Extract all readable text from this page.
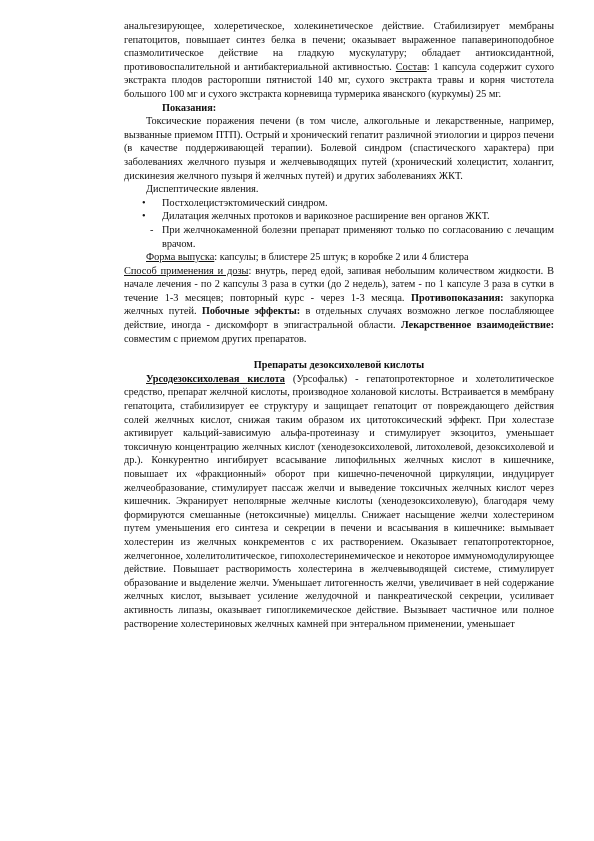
анальгезирующее, холеретическое, холекинетическое действие. Стабилизирует мембраны гепатоцитов, повышает синтез белка в печени; оказывает выраженное папавериноподобное спазмолитическое действие на гладкую мускулатуру; обладает антиоксидантной, противовоспалительной и антибактериальной активностью. Состав: 1 капсула содержит сухого экстракта плодов расторопши пятнистой 140 мг, сухого экстракта травы и корня чистотела большого 100 мг и сухого экстракта корневища турмерика яванского (куркумы) 25 мг.

Показания:

Токсические поражения печени (в том числе, алкогольные и лекарственные, например, вызванные приемом ПТП). Острый и хронический гепатит различной этиологии и цирроз печени (в качестве поддерживающей терапии). Болевой синдром (спастического характера) при заболеваниях желчного пузыря и желчевыводящих путей (хронический холецистит, холангит, дискинезия желчного пузыря й желчных путей) и других заболеваниях ЖКТ.

Диспептические явления.

• Постхолецистэктомический синдром.
• Дилатация желчных протоков и варикозное расширение вен органов ЖКТ.

- При желчнокаменной болезни препарат применяют только по согласованию с лечащим врачом.

Форма выпуска: капсулы; в блистере 25 штук; в коробке 2 или 4 блистера

Способ применения и дозы: внутрь, перед едой, запивая небольшим количеством жидкости. В начале лечения - по 2 капсулы 3 раза в сутки (до 2 недель), затем - по 1 капсуле 3 раза в сутки в течение 1-3 месяцев; повторный курс - через 1-3 месяца. Противопоказания: закупорка желчных путей. Побочные эффекты: в отдельных случаях возможно легкое послабляющее действие, иногда - дискомфорт в эпигастральной области. Лекарственное взаимодействие: совместим с приемом других препаратов.

Препараты дезоксихолевой кислоты

Урсодезоксихолевая кислота (Урсофальк) - гепатопротекторное и холетолитическое средство, препарат желчной кислоты, производное холановой кислоты. Встраивается в мембрану гепатоцита, стабилизирует ее структуру и защищает гепатоцит от повреждающего действия солей желчных кислот, снижая таким образом их цитотоксический эффект. При холестазе активирует кальций-зависимую альфа-протеиназу и стимулирует экзоцитоз, уменьшает токсичную концентрацию желчных кислот (хенодезоксихолевой, литохолевой, дезоксихолевой и др.). Конкурентно ингибирует всасывание липофильных желчных кислот в кишечнике, повышает их «фракционный» оборот при кишечно-печеночной циркуляции, индуцирует желчеобразование, стимулирует пассаж желчи и выведение токсичных желчных кислот через кишечник. Экранирует неполярные желчные кислоты (хенодезоксихолевую), благодаря чему формируются смешанные (нетоксичные) мицеллы. Снижает насыщение желчи холестерином путем уменьшения его синтеза и секреции в печени и всасывания в кишечнике: вымывает холестерин из желчных конкрементов с их растворением. Оказывает гепатопротекторное, желчегонное, холелитолитическое, гипохолестеринемическое и некоторое иммуномодулирующее действие. Повышает растворимость холестерина в желчевыводящей системе, стимулирует образование и выделение желчи. Уменьшает литогенность желчи, увеличивает в ней содержание желчных кислот, вызывает усиление желудочной и панкреатической секреции, усиливает активность липазы, оказывает гипогликемическое действие. Вызывает частичное или полное растворение холестериновых желчных камней при энтеральном применении, уменьшает
